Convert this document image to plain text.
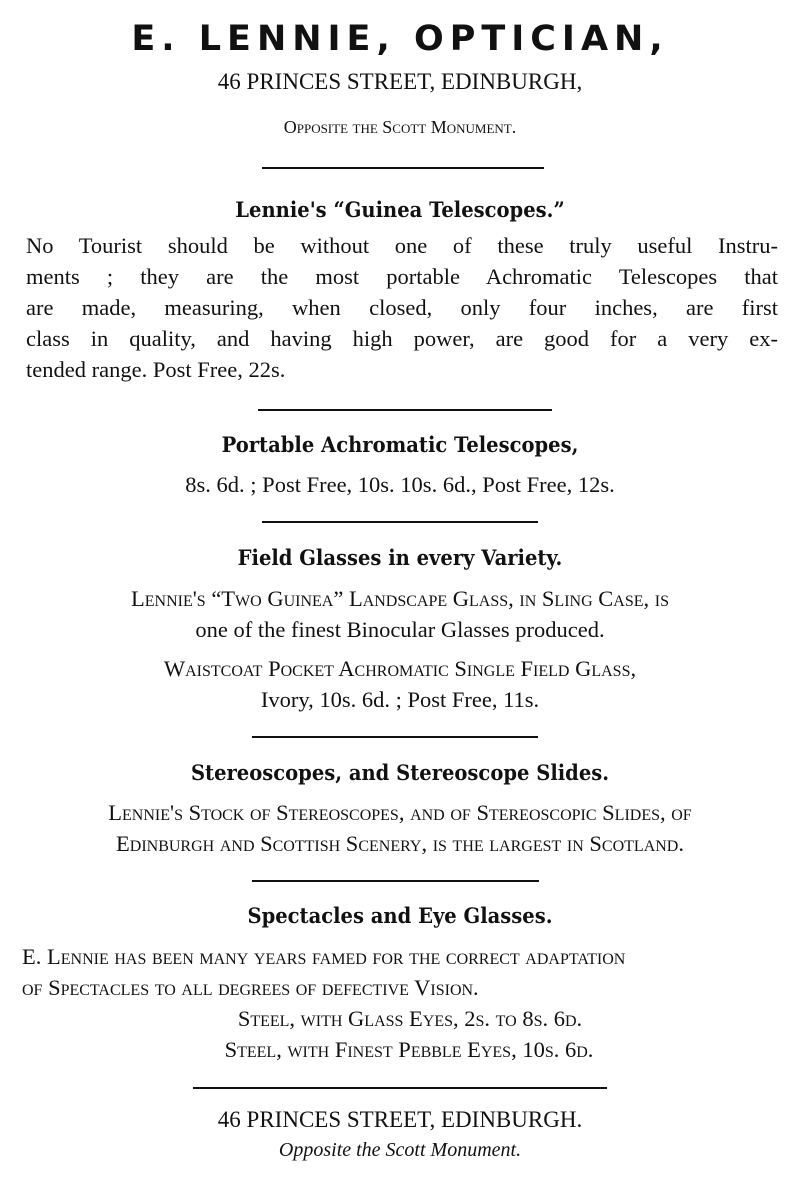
E. LENNIE, OPTICIAN,
46 PRINCES STREET, EDINBURGH,
Opposite the Scott Monument.
Lennie's “Guinea Telescopes.”
No Tourist should be without one of these truly useful Instru-
ments ; they are the most portable Achromatic Telescopes that
are made, measuring, when closed, only four inches, are first
class in quality, and having high power, are good for a very ex-
tended range. Post Free, 22s.
Portable Achromatic Telescopes,
8s. 6d. ; Post Free, 10s. 10s. 6d., Post Free, 12s.
Field Glasses in every Variety.
Lennie's “Two Guinea” Landscape Glass, in Sling Case, is
one of the finest Binocular Glasses produced.
Waistcoat Pocket Achromatic Single Field Glass,
Ivory, 10s. 6d. ; Post Free, 11s.
Stereoscopes, and Stereoscope Slides.
Lennie's Stock of Stereoscopes, and of Stereoscopic Slides, of
Edinburgh and Scottish Scenery, is the largest in Scotland.
Spectacles and Eye Glasses.
E. Lennie has been many years famed for the correct adaptation
of Spectacles to all degrees of defective Vision.
Steel, with Glass Eyes, 2s. to 8s. 6d.
Steel, with Finest Pebble Eyes, 10s. 6d.
46 PRINCES STREET, EDINBURGH.
Opposite the Scott Monument.
